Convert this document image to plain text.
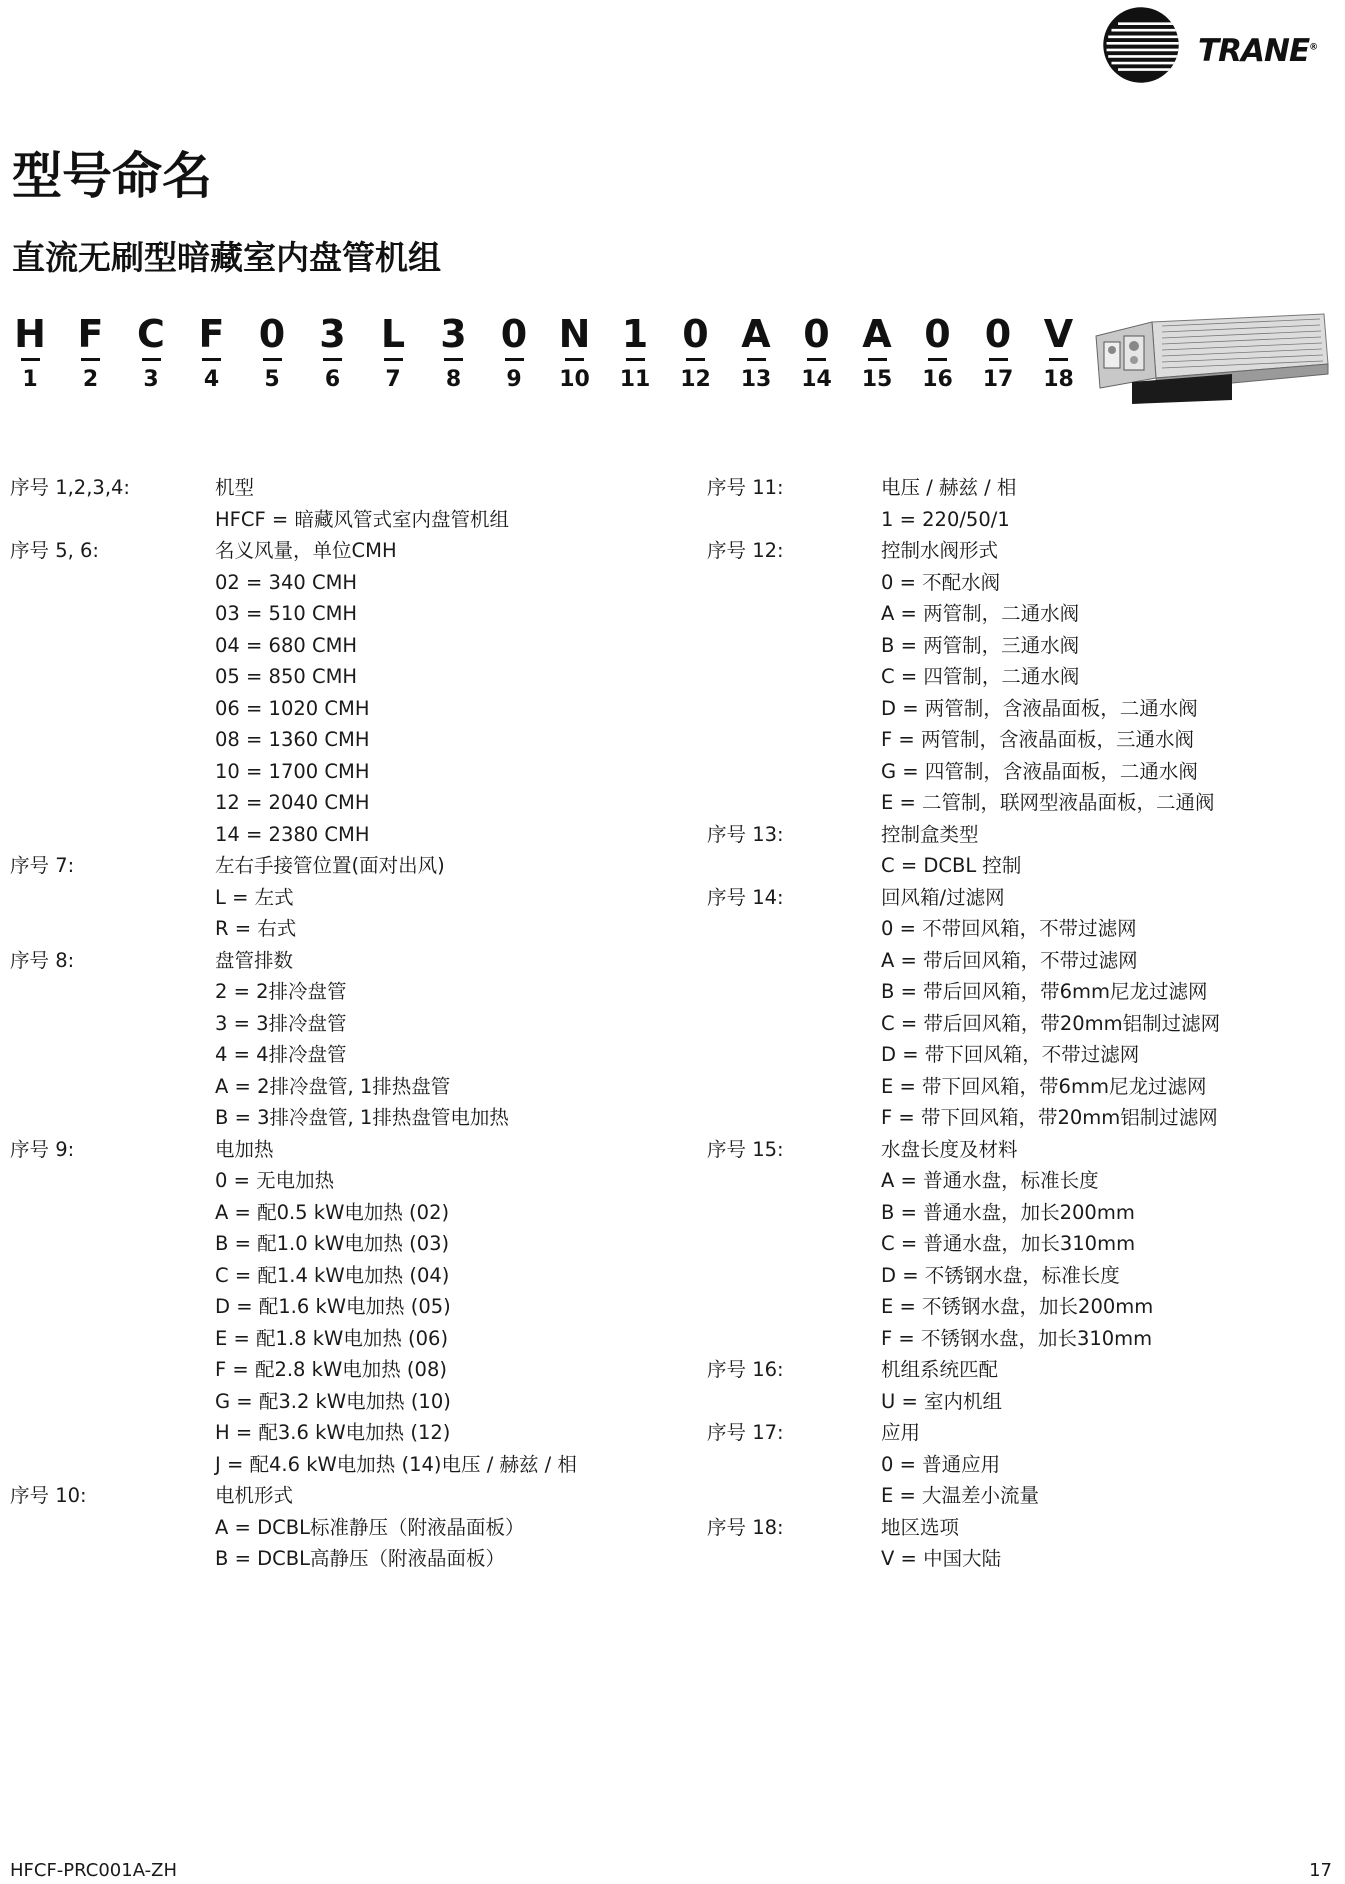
TRANE®
型号命名
直流无刷型暗藏室内盘管机组
H
1
F
2
C
3
F
4
0
5
3
6
L
7
3
8
0
9
N
10
1
11
0
12
A
13
0
14
A
15
0
16
0
17
V
18
序号 1,2,3,4:	机型
HFCF = 暗藏风管式室内盘管机组
序号 5, 6:	名义风量，单位CMH
02 = 340 CMH
03 = 510 CMH
04 = 680 CMH
05 = 850 CMH
06 = 1020 CMH
08 = 1360 CMH
10 = 1700 CMH
12 = 2040 CMH
14 = 2380 CMH
序号 7:	左右手接管位置(面对出风)
L = 左式
R = 右式
序号 8:	盘管排数
2 = 2排冷盘管
3 = 3排冷盘管
4 = 4排冷盘管
A = 2排冷盘管, 1排热盘管
B = 3排冷盘管, 1排热盘管电加热
序号 9:	电加热
0 = 无电加热
A = 配0.5 kW电加热 (02)
B = 配1.0 kW电加热 (03)
C = 配1.4 kW电加热 (04)
D = 配1.6 kW电加热 (05)
E = 配1.8 kW电加热 (06)
F = 配2.8 kW电加热 (08)
G = 配3.2 kW电加热 (10)
H = 配3.6 kW电加热 (12)
J = 配4.6 kW电加热 (14)电压 / 赫兹 / 相
序号 10:	电机形式
A = DCBL标准静压（附液晶面板）
B = DCBL高静压（附液晶面板）
序号 11:	电压 / 赫兹 / 相
1 = 220/50/1
序号 12:	控制水阀形式
0 = 不配水阀
A = 两管制，二通水阀
B = 两管制，三通水阀
C = 四管制，二通水阀
D = 两管制，含液晶面板，二通水阀
F = 两管制，含液晶面板，三通水阀
G = 四管制，含液晶面板，二通水阀
E = 二管制，联网型液晶面板，二通阀
序号 13:	控制盒类型
C = DCBL 控制
序号 14:	回风箱/过滤网
0 = 不带回风箱，不带过滤网
A = 带后回风箱，不带过滤网
B = 带后回风箱，带6mm尼龙过滤网
C = 带后回风箱，带20mm铝制过滤网
D = 带下回风箱，不带过滤网
E = 带下回风箱，带6mm尼龙过滤网
F = 带下回风箱，带20mm铝制过滤网
序号 15:	水盘长度及材料
A = 普通水盘，标准长度
B = 普通水盘，加长200mm
C = 普通水盘，加长310mm
D = 不锈钢水盘，标准长度
E = 不锈钢水盘，加长200mm
F = 不锈钢水盘，加长310mm
序号 16:	机组系统匹配
U = 室内机组
序号 17:	应用
0 = 普通应用
E = 大温差小流量
序号 18:	地区选项
V = 中国大陆
HFCF-PRC001A-ZH	17
